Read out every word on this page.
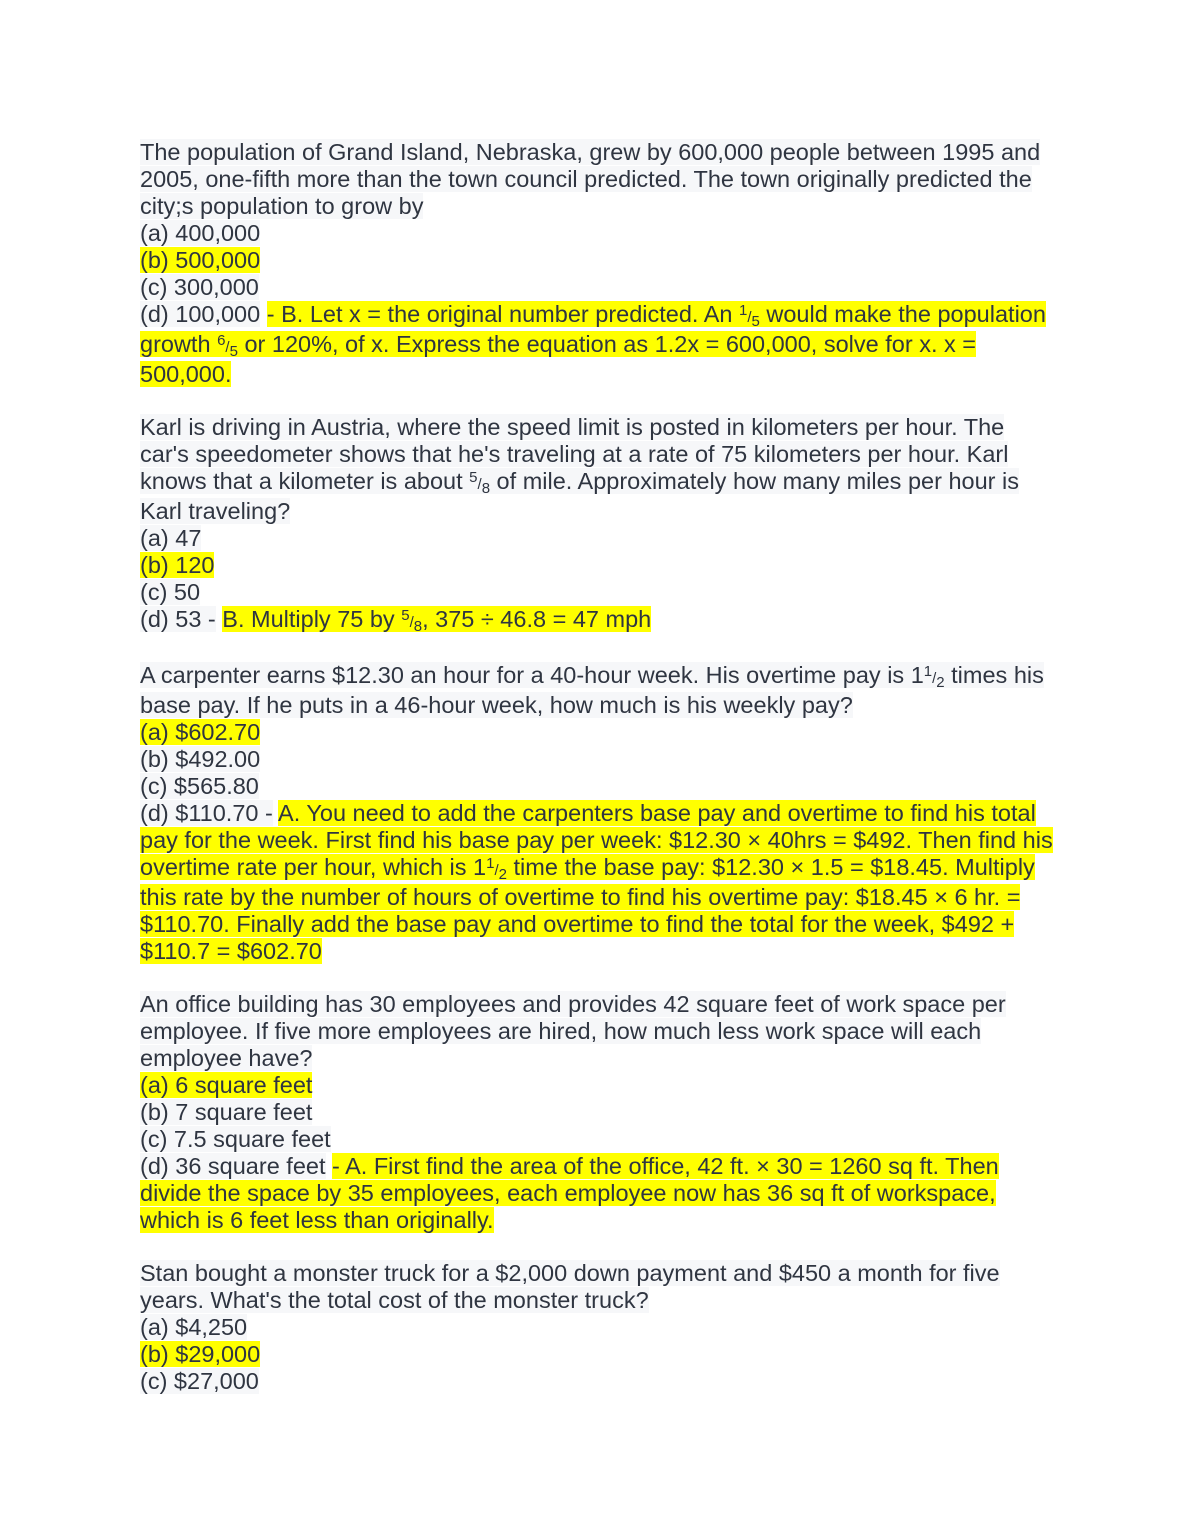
The population of Grand Island, Nebraska, grew by 600,000 people between 1995 and
2005, one-fifth more than the town council predicted. The town originally predicted the
city;s population to grow by
(a) 400,000
(b) 500,000
(c) 300,000
(d) 100,000 - B. Let x = the original number predicted. An $^1/_5$ would make the population
growth $^6/_5$ or 120%, of x. Express the equation as 1.2x = 600,000, solve for x. x =
500,000.
Karl is driving in Austria, where the speed limit is posted in kilometers per hour. The
car's speedometer shows that he's traveling at a rate of 75 kilometers per hour. Karl
knows that a kilometer is about $^5/_8$ of mile. Approximately how many miles per hour is
Karl traveling?
(a) 47
(b) 120
(c) 50
(d) 53 - B. Multiply 75 by $^5/_8$, 375 ÷ 46.8 = 47 mph
A carpenter earns $12.30 an hour for a 40-hour week. His overtime pay is $1^1/_2$ times his
base pay. If he puts in a 46-hour week, how much is his weekly pay?
(a) $602.70
(b) $492.00
(c) $565.80
(d) $110.70 - A. You need to add the carpenters base pay and overtime to find his total
pay for the week. First find his base pay per week: $12.30 × 40hrs = $492. Then find his
overtime rate per hour, which is $1^1/_2$ time the base pay: $12.30 × 1.5 = $18.45. Multiply
this rate by the number of hours of overtime to find his overtime pay: $18.45 × 6 hr. =
$110.70. Finally add the base pay and overtime to find the total for the week, $492 +
$110.7 = $602.70
An office building has 30 employees and provides 42 square feet of work space per
employee. If five more employees are hired, how much less work space will each
employee have?
(a) 6 square feet
(b) 7 square feet
(c) 7.5 square feet
(d) 36 square feet - A. First find the area of the office, 42 ft. × 30 = 1260 sq ft. Then
divide the space by 35 employees, each employee now has 36 sq ft of workspace,
which is 6 feet less than originally.
Stan bought a monster truck for a $2,000 down payment and $450 a month for five
years. What's the total cost of the monster truck?
(a) $4,250
(b) $29,000
(c) $27,000
